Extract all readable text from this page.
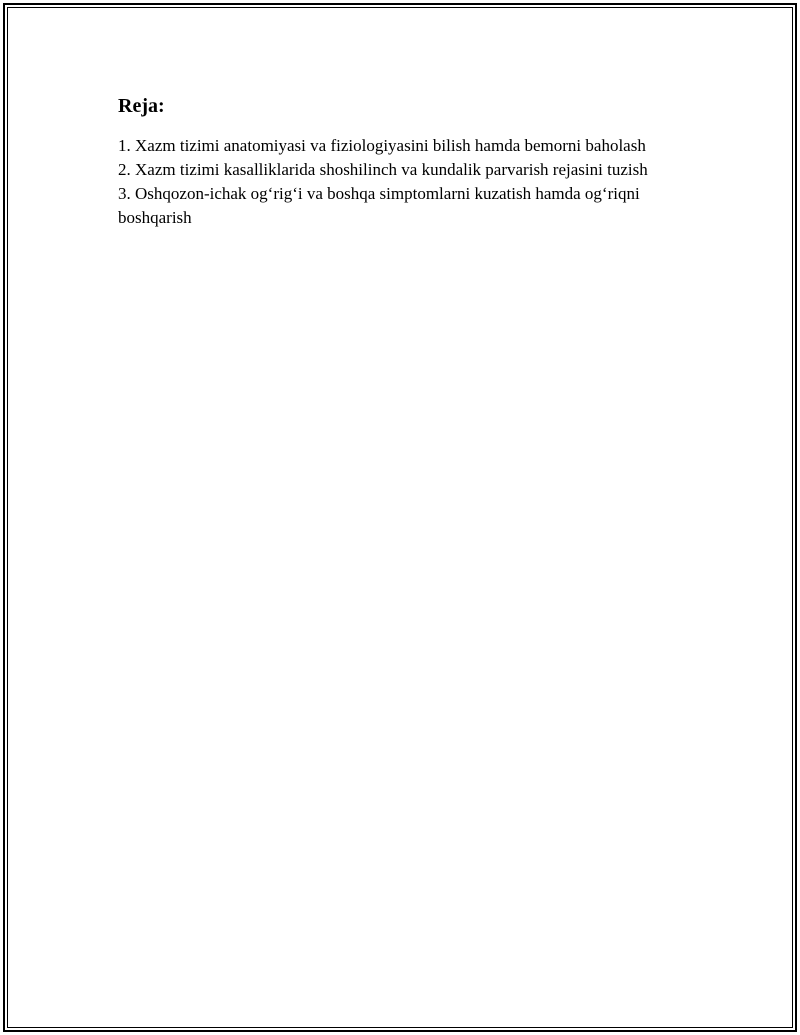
Reja:
1. Xazm tizimi anatomiyasi va fiziologiyasini bilish hamda bemorni baholash
2. Xazm tizimi kasalliklarida shoshilinch va kundalik parvarish rejasini tuzish
3. Oshqozon-ichak og‘rig‘i va boshqa simptomlarni kuzatish hamda og‘riqni boshqarish
